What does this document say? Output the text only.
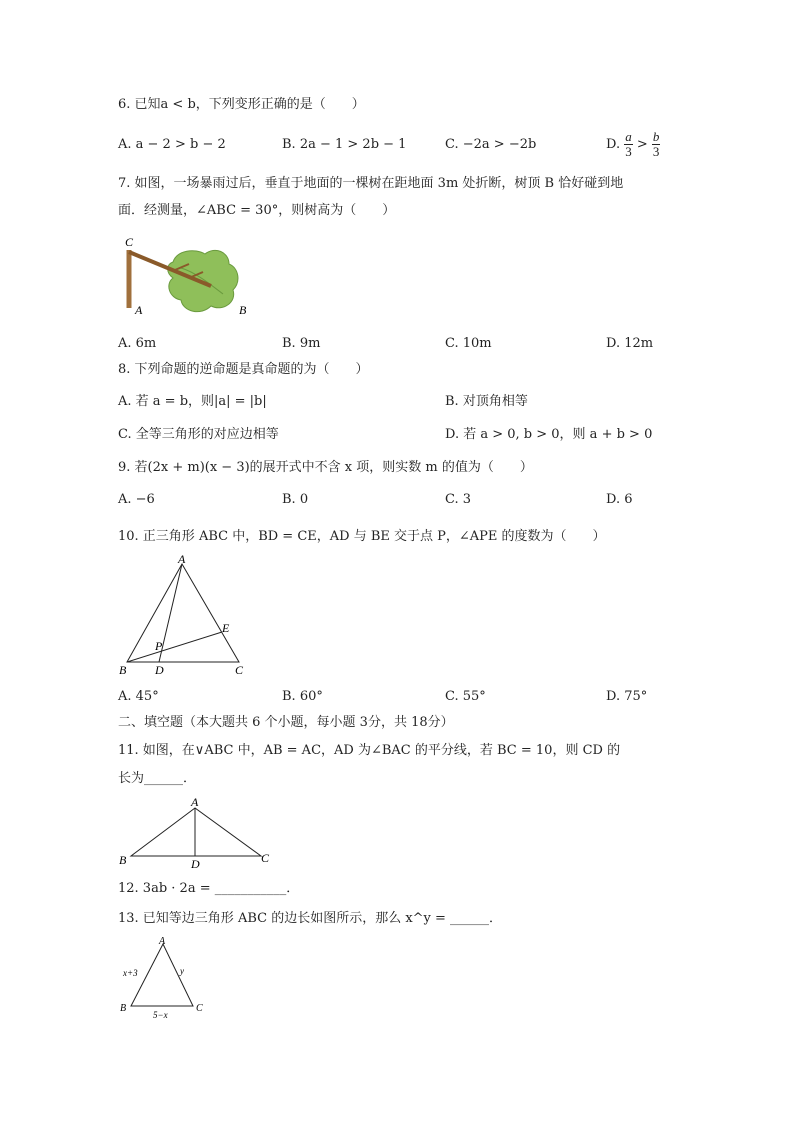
6. 已知a < b，下列变形正确的是（　　）
A. a − 2 > b − 2	B. 2a − 1 > 2b − 1	C. −2a > −2b	D. $\frac{a}{3} > \frac{b}{3}$
7. 如图，一场暴雨过后，垂直于地面的一棵树在距地面 3m 处折断，树顶 B 恰好碰到地
面．经测量，∠ABC = 30°，则树高为（　　）
C
A	B
A. 6m	B. 9m	C. 10m	D. 12m
8. 下列命题的逆命题是真命题的为（　　）
A. 若 a = b，则|a| = |b|	B. 对顶角相等
C. 全等三角形的对应边相等	D. 若 a > 0, b > 0，则 a + b > 0
9. 若(2x + m)(x − 3)的展开式中不含 x 项，则实数 m 的值为（　　）
A. −6	B. 0	C. 3	D. 6
10. 正三角形 ABC 中，BD = CE，AD 与 BE 交于点 P，∠APE 的度数为（　　）
A
B	C
D
E
P
A. 45°	B. 60°	C. 55°	D. 75°
二、填空题（本大题共 6 个小题，每小题 3分，共 18分）
11. 如图，在∨ABC 中，AB = AC，AD 为∠BAC 的平分线，若 BC = 10，则 CD 的
长为______．
A
B	C
D
12. 3ab · 2a = ___________．
13. 已知等边三角形 ABC 的边长如图所示，那么 x^y = ______．
A
B	C
x+3	y
5−x
